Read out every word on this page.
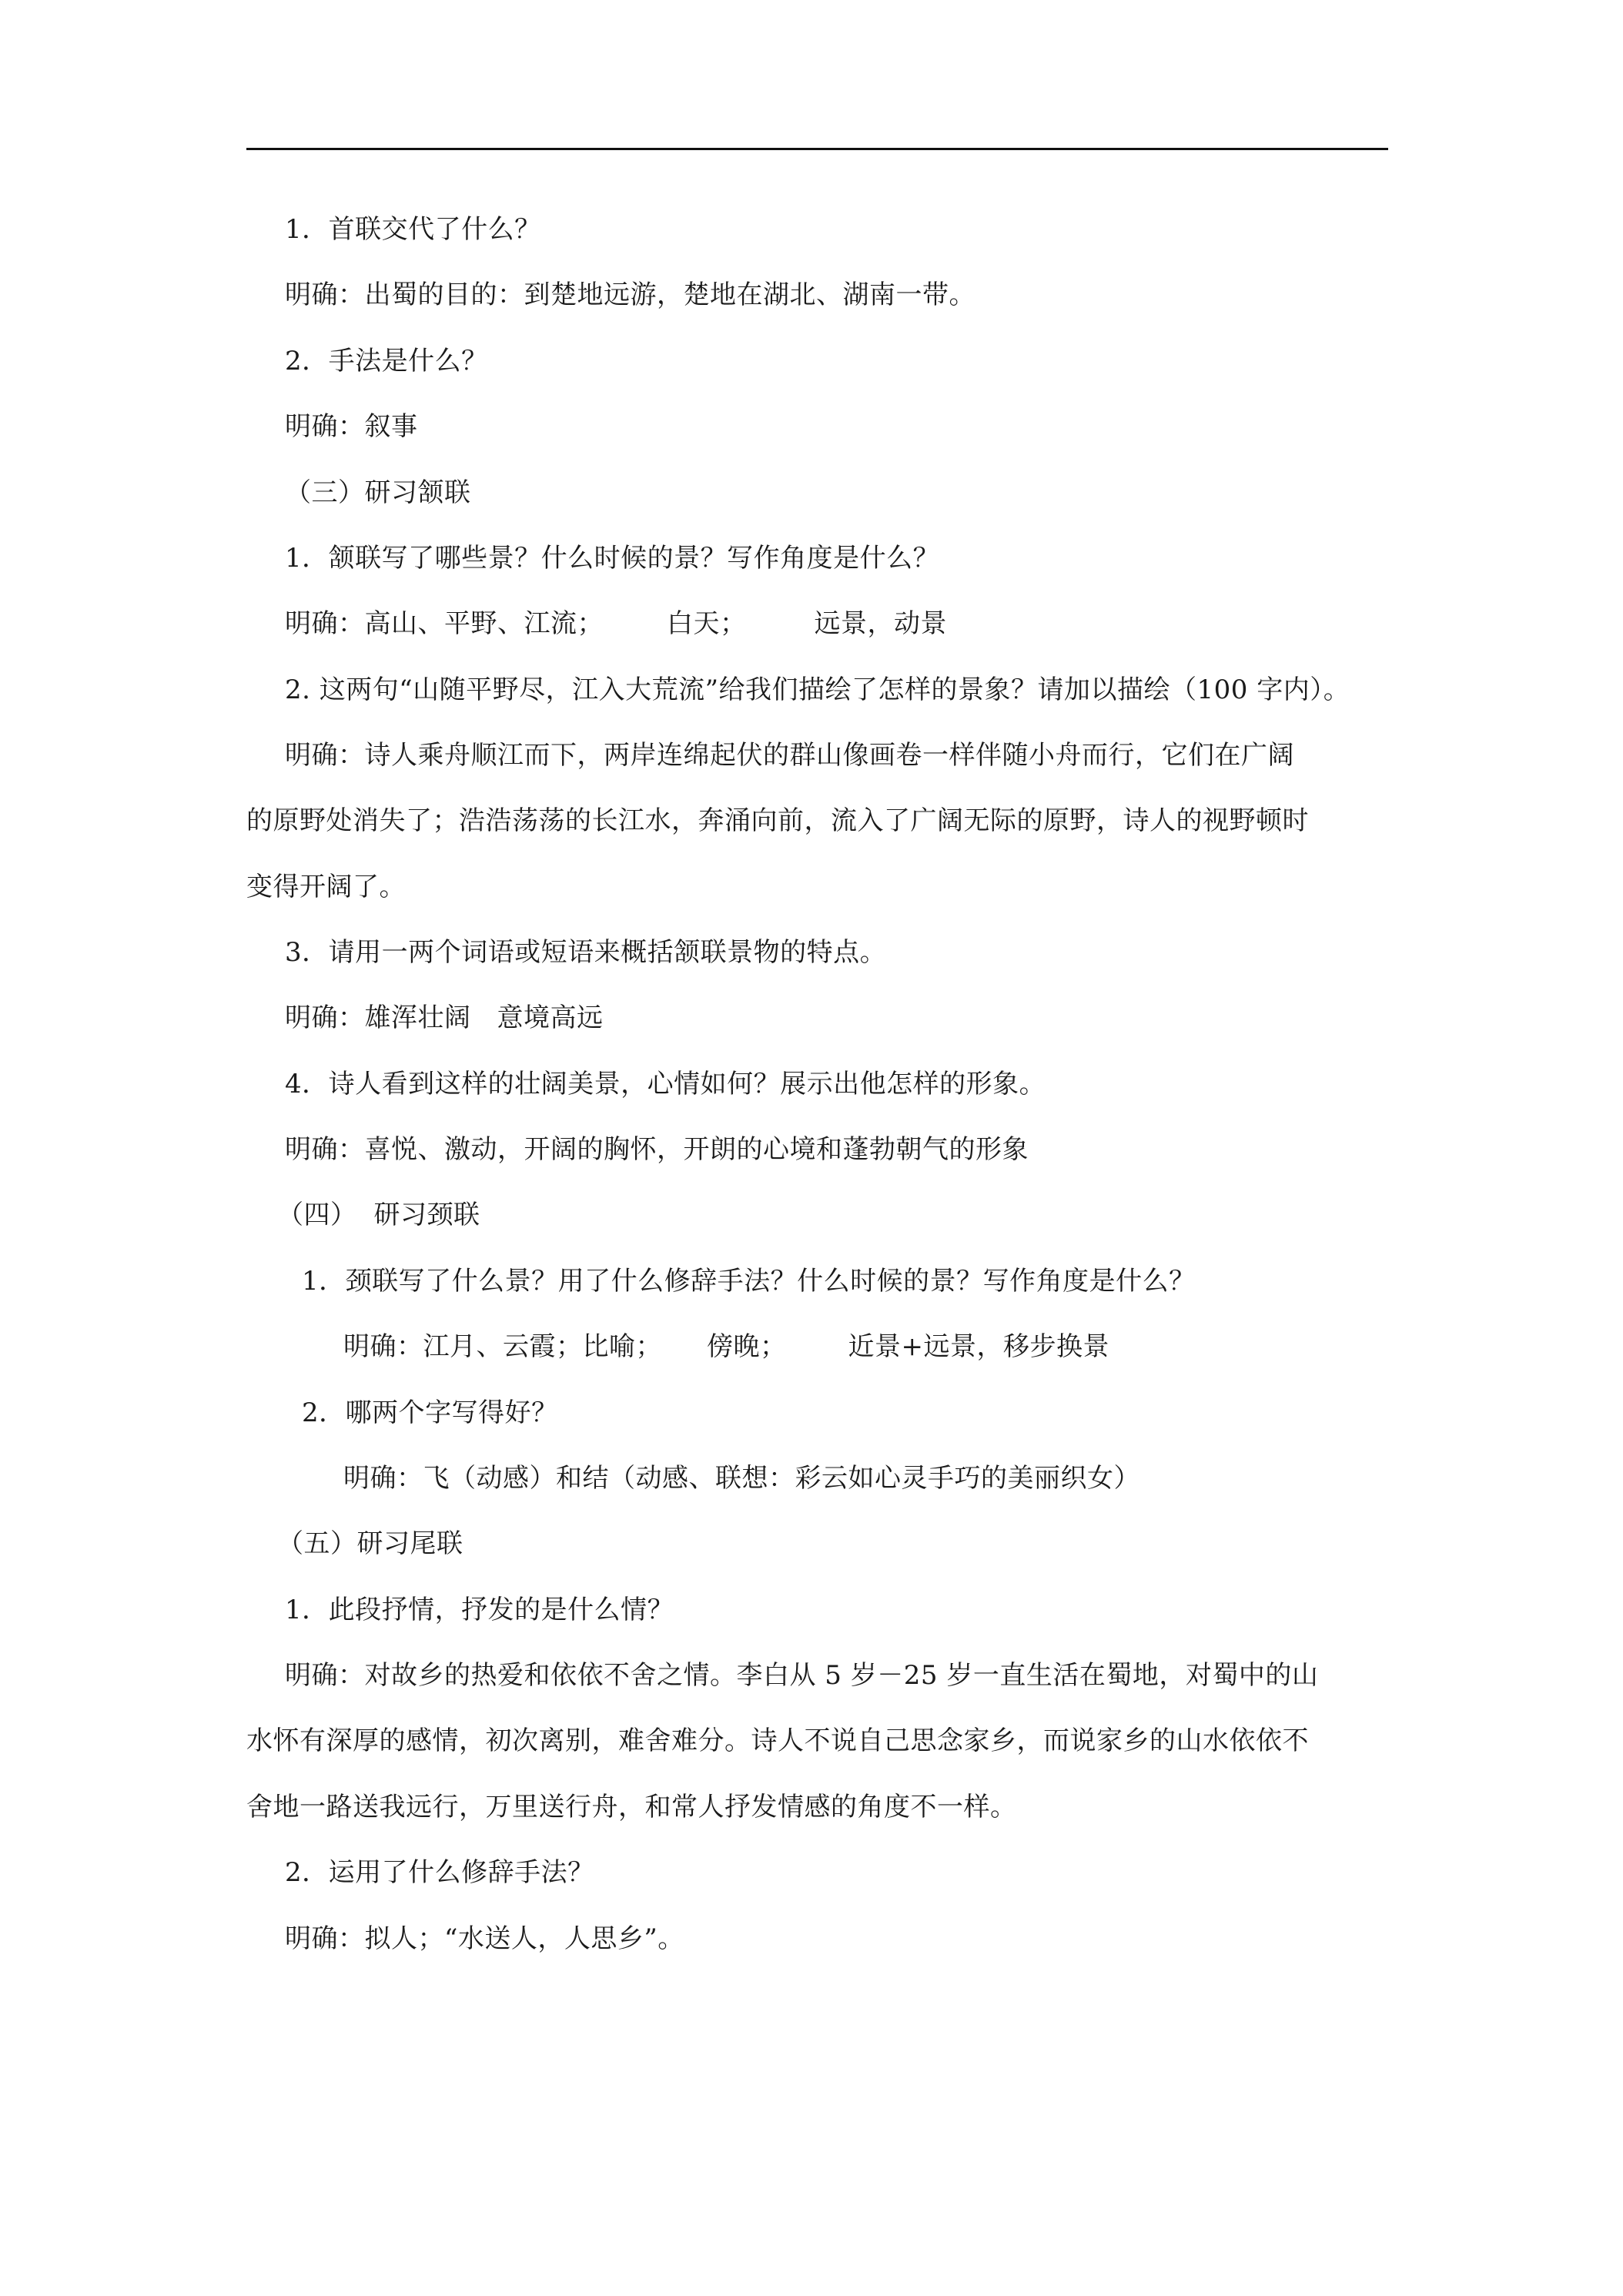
1．首联交代了什么？
明确：出蜀的目的：到楚地远游，楚地在湖北、湖南一带。
2．手法是什么？
明确：叙事
（三）研习颔联
1．颔联写了哪些景？什么时候的景？写作角度是什么？
明确：高山、平野、江流； 白天；	远景，动景
2. 这两句“山随平野尽，江入大荒流”给我们描绘了怎样的景象？请加以描绘（100 字内）。
明确：诗人乘舟顺江而下，两岸连绵起伏的群山像画卷一样伴随小舟而行，它们在广阔
的原野处消失了；浩浩荡荡的长江水，奔涌向前，流入了广阔无际的原野，诗人的视野顿时
变得开阔了。
3．请用一两个词语或短语来概括颔联景物的特点。
明确：雄浑壮阔 意境高远
4．诗人看到这样的壮阔美景，心情如何？展示出他怎样的形象。
明确：喜悦、激动，开阔的胸怀，开朗的心境和蓬勃朝气的形象
（四） 研习颈联
1．颈联写了什么景？用了什么修辞手法？什么时候的景？写作角度是什么？
明确：江月、云霞；比喻； 傍晚； 近景+远景，移步换景
2．哪两个字写得好？
明确：飞（动感）和结（动感、联想：彩云如心灵手巧的美丽织女）
（五）研习尾联
1．此段抒情，抒发的是什么情？
明确：对故乡的热爱和依依不舍之情。李白从 5 岁－25 岁一直生活在蜀地，对蜀中的山
水怀有深厚的感情，初次离别，难舍难分。诗人不说自己思念家乡，而说家乡的山水依依不
舍地一路送我远行，万里送行舟，和常人抒发情感的角度不一样。
2．运用了什么修辞手法？
明确：拟人；“水送人，人思乡”。
